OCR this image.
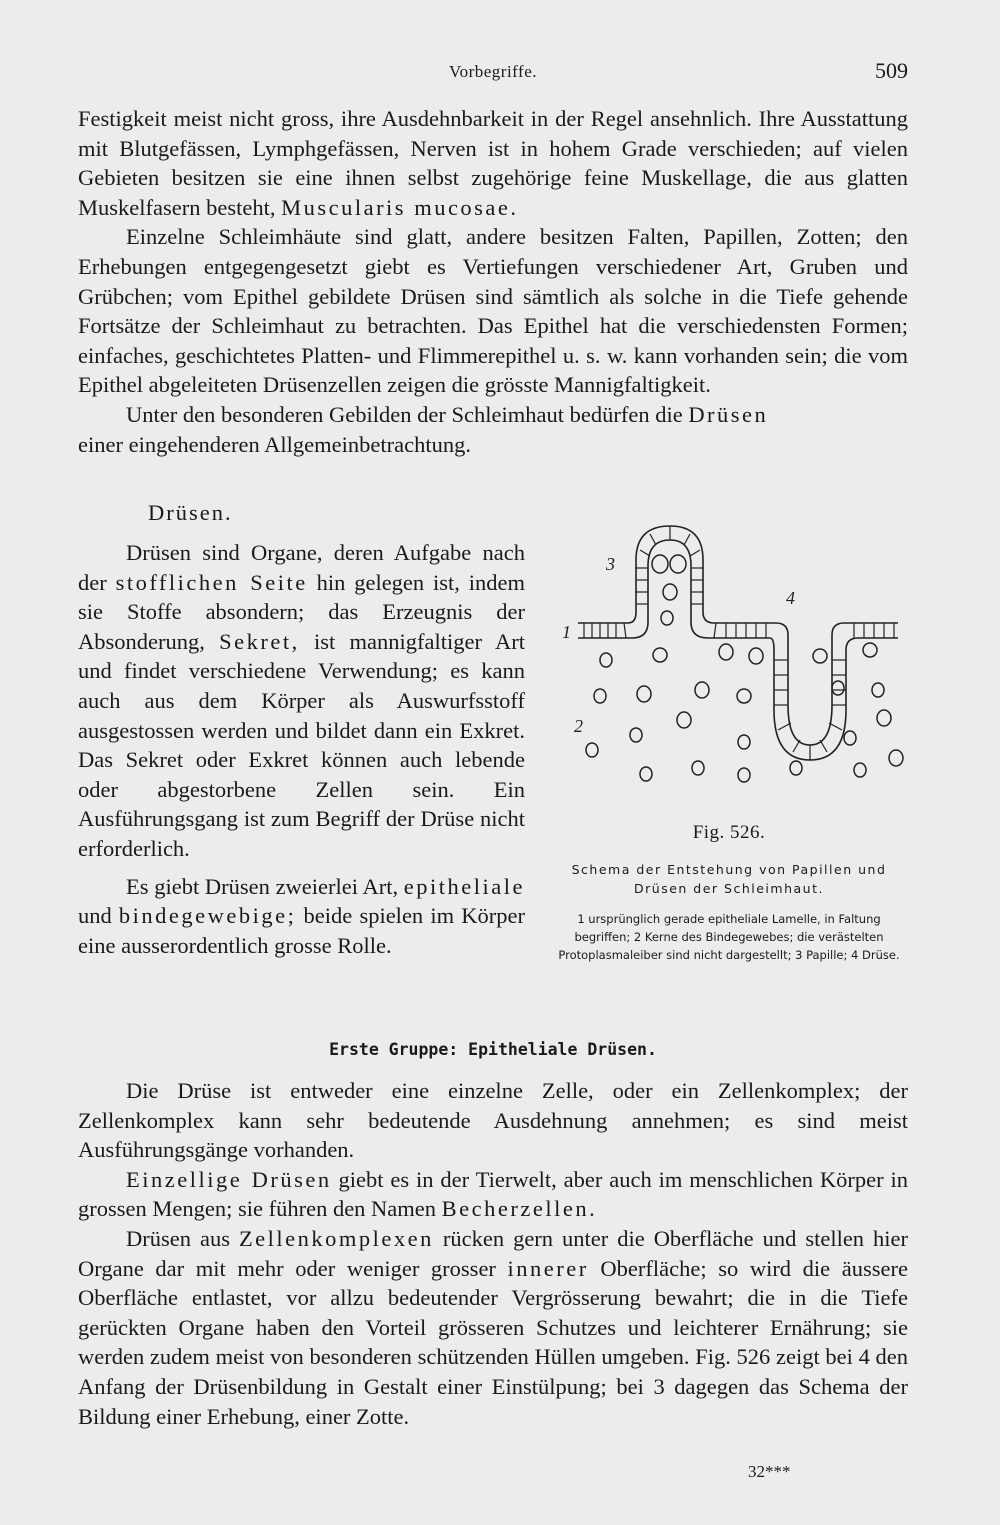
Vorbegriffe.	509

Festigkeit meist nicht gross, ihre Ausdehnbarkeit in der Regel ansehnlich. Ihre Ausstattung mit Blutgefässen, Lymphgefässen, Nerven ist in hohem Grade verschieden; auf vielen Gebieten besitzen sie eine ihnen selbst zugehörige feine Muskellage, die aus glatten Muskelfasern besteht, Muscularis mucosae.

Einzelne Schleimhäute sind glatt, andere besitzen Falten, Papillen, Zotten; den Erhebungen entgegengesetzt giebt es Vertiefungen verschiedener Art, Gruben und Grübchen; vom Epithel gebildete Drüsen sind sämtlich als solche in die Tiefe gehende Fortsätze der Schleimhaut zu betrachten. Das Epithel hat die verschiedensten Formen; einfaches, geschichtetes Platten- und Flimmerepithel u. s. w. kann vorhanden sein; die vom Epithel abgeleiteten Drüsenzellen zeigen die grösste Mannigfaltigkeit.

Unter den besonderen Gebilden der Schleimhaut bedürfen die Drüsen

einer eingehenderen Allgemeinbetrachtung.

Drüsen.

Drüsen sind Organe, deren Aufgabe nach der stofflichen Seite hin gelegen ist, indem sie Stoffe absondern; das Erzeugnis der Absonderung, Sekret, ist mannigfaltiger Art und findet verschiedene Verwendung; es kann auch aus dem Körper als Auswurfsstoff ausgestossen werden und bildet dann ein Exkret. Das Sekret oder Exkret können auch lebende oder abgestorbene Zellen sein. Ein Ausführungsgang ist zum Begriff der Drüse nicht erforderlich.

Es giebt Drüsen zweierlei Art, epitheliale und bindegewebige; beide spielen im Körper eine ausserordentlich grosse Rolle.

3
4
1
2
Fig. 526.
Schema der Entstehung von Papillen und Drüsen der Schleimhaut.
1 ursprünglich gerade epitheliale Lamelle, in Faltung begriffen; 2 Kerne des Bindegewebes; die verästelten Protoplasmaleiber sind nicht dargestellt; 3 Papille; 4 Drüse.
Erste Gruppe: Epitheliale Drüsen.

Die Drüse ist entweder eine einzelne Zelle, oder ein Zellenkomplex; der Zellenkomplex kann sehr bedeutende Ausdehnung annehmen; es sind meist Ausführungsgänge vorhanden.

Einzellige Drüsen giebt es in der Tierwelt, aber auch im menschlichen Körper in grossen Mengen; sie führen den Namen Becherzellen.

Drüsen aus Zellenkomplexen rücken gern unter die Oberfläche und stellen hier Organe dar mit mehr oder weniger grosser innerer Oberfläche; so wird die äussere Oberfläche entlastet, vor allzu bedeutender Vergrösserung bewahrt; die in die Tiefe gerückten Organe haben den Vorteil grösseren Schutzes und leichterer Ernährung; sie werden zudem meist von besonderen schützenden Hüllen umgeben. Fig. 526 zeigt bei 4 den Anfang der Drüsenbildung in Gestalt einer Einstülpung; bei 3 dagegen das Schema der Bildung einer Erhebung, einer Zotte.

32***
